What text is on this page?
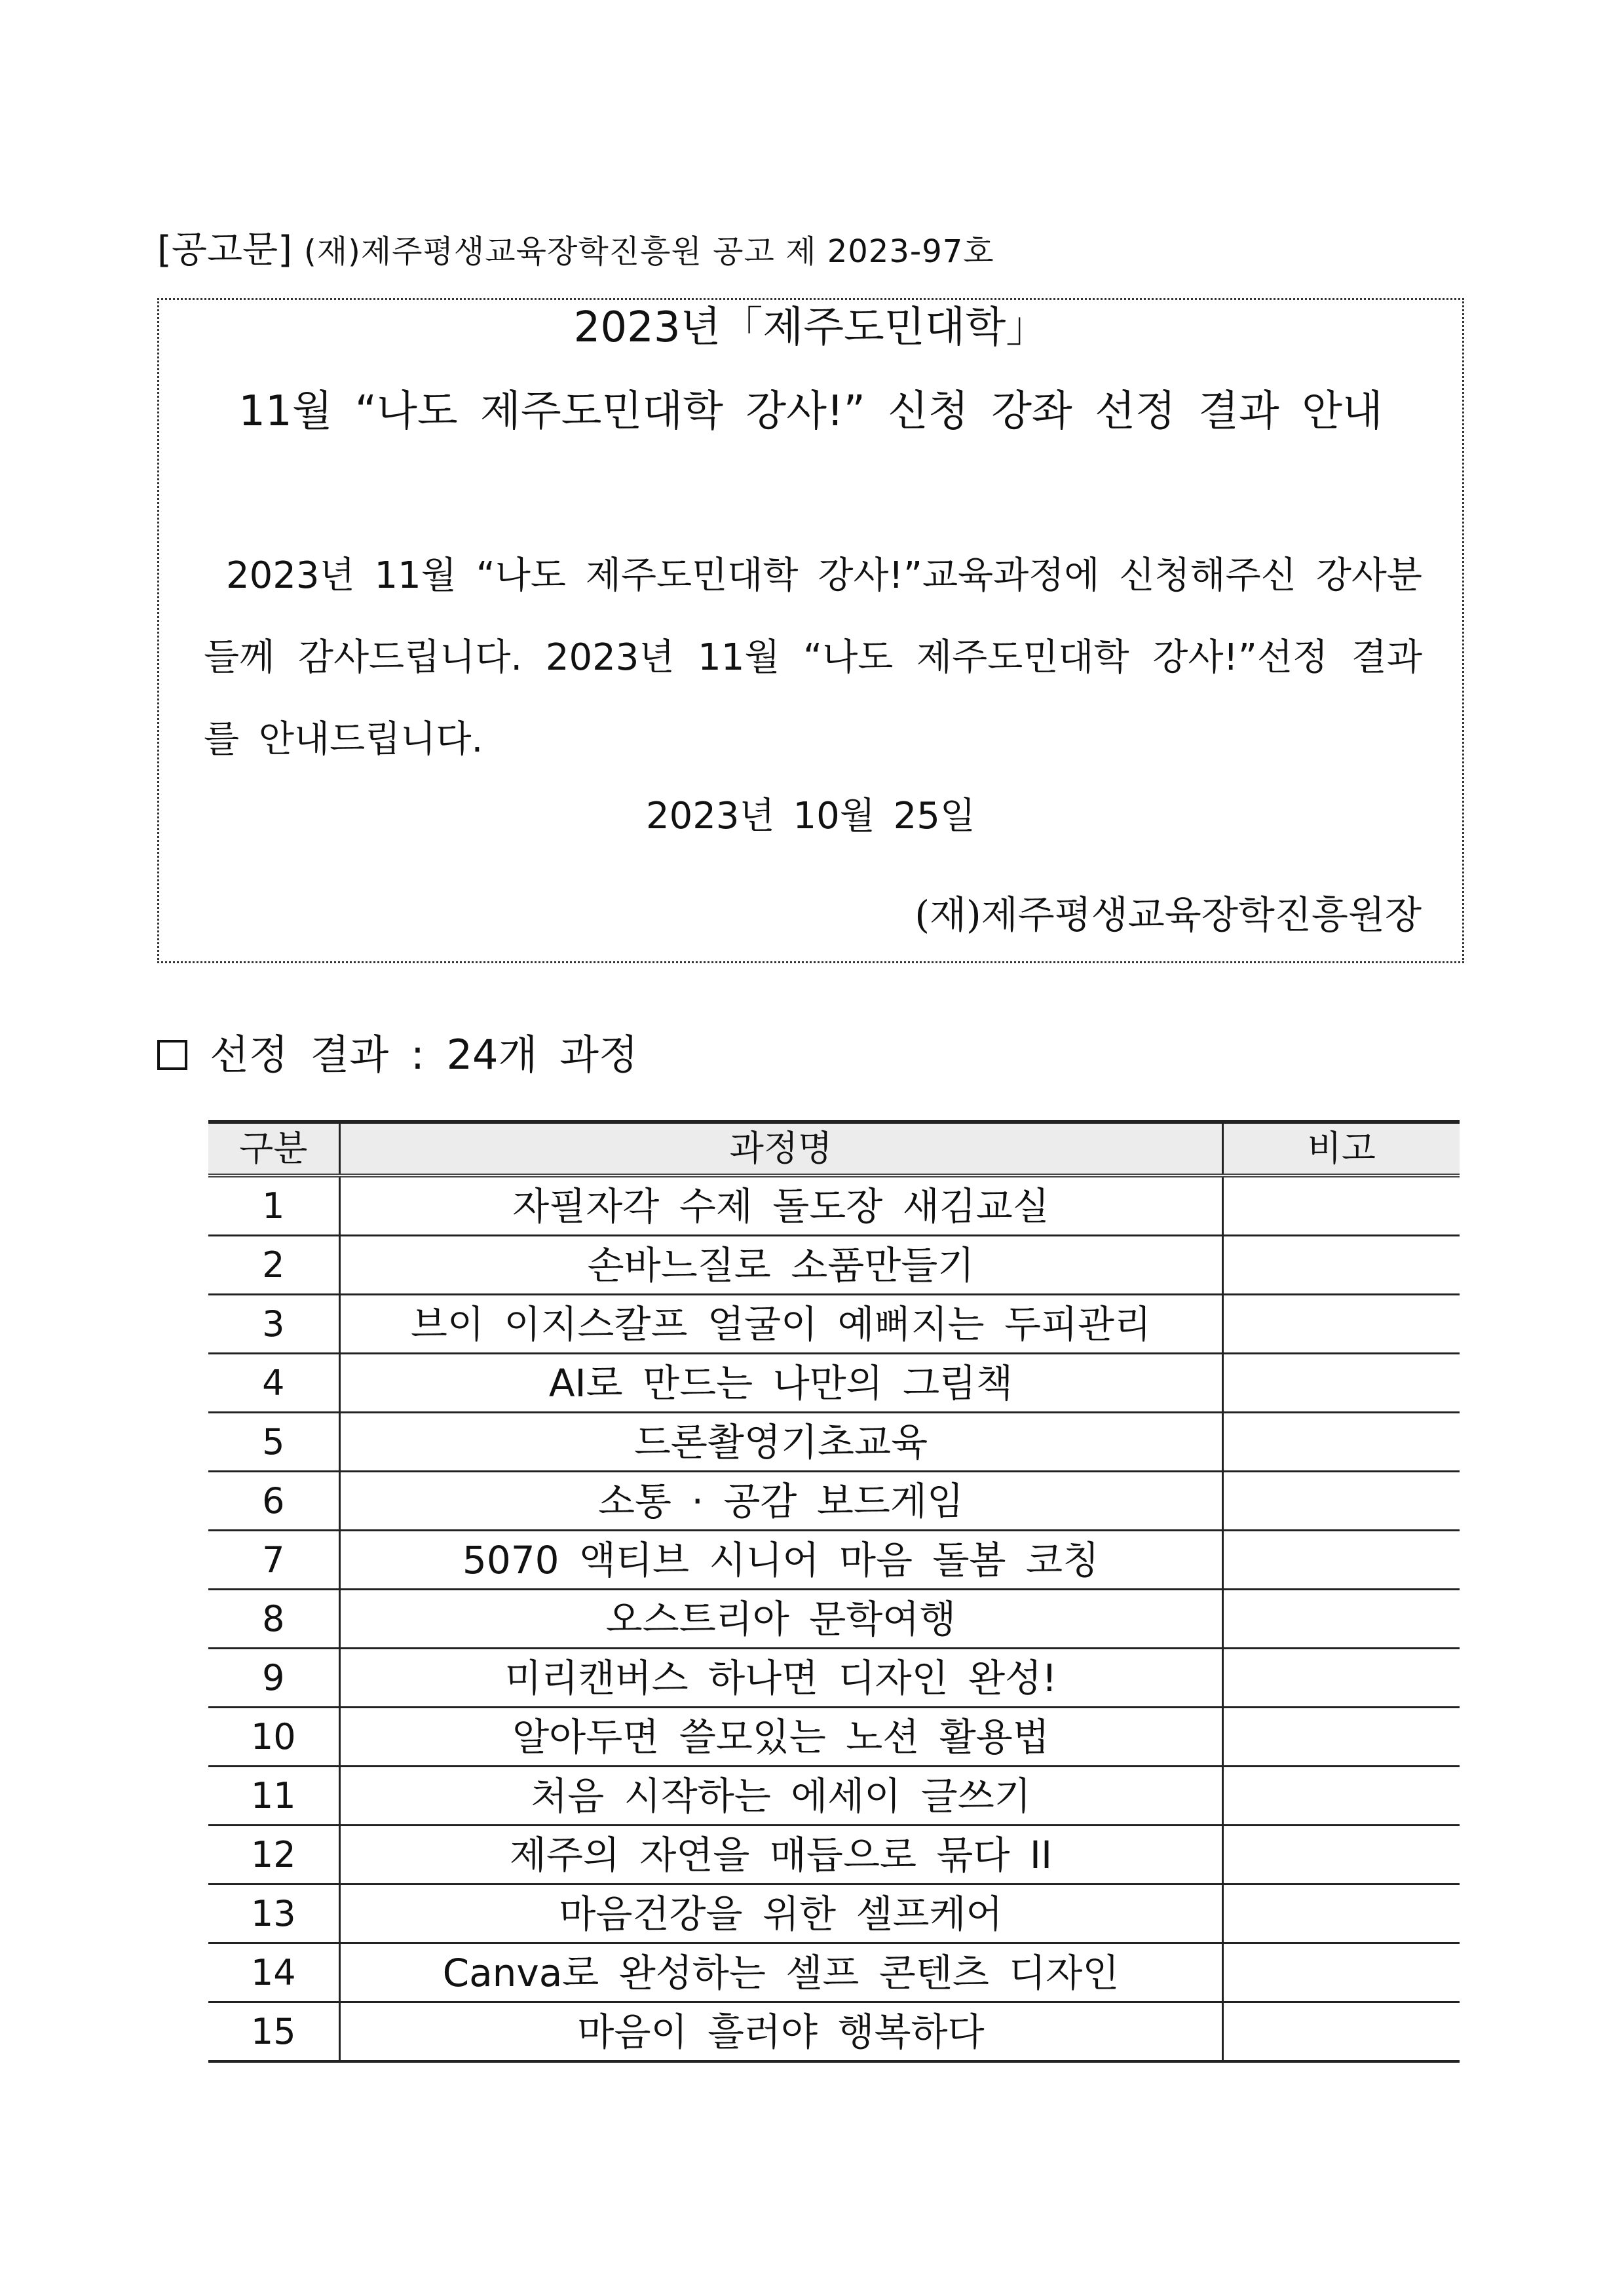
[공고문] (재)제주평생교육장학진흥원 공고 제 2023-97호
2023년「제주도민대학」
11월 “나도 제주도민대학 강사!” 신청 강좌 선정 결과 안내
2023년 11월 “나도 제주도민대학 강사!”교육과정에 신청해주신 강사분들께 감사드립니다. 2023년 11월 “나도 제주도민대학 강사!”선정 결과를 안내드립니다.
2023년 10월 25일
(재)제주평생교육장학진흥원장
선정 결과 : 24개 과정
구분	과정명	비고
1	자필자각 수제 돌도장 새김교실	
2	손바느질로 소품만들기	
3	브이 이지스칼프 얼굴이 예뻐지는 두피관리	
4	AI로 만드는 나만의 그림책	
5	드론촬영기초교육	
6	소통 · 공감 보드게임	
7	5070 액티브 시니어 마음 돌봄 코칭	
8	오스트리아 문학여행	
9	미리캔버스 하나면 디자인 완성!	
10	알아두면 쓸모있는 노션 활용법	
11	처음 시작하는 에세이 글쓰기	
12	제주의 자연을 매듭으로 묶다 II	
13	마음건강을 위한 셀프케어	
14	Canva로 완성하는 셀프 콘텐츠 디자인	
15	마음이 흘러야 행복하다	
